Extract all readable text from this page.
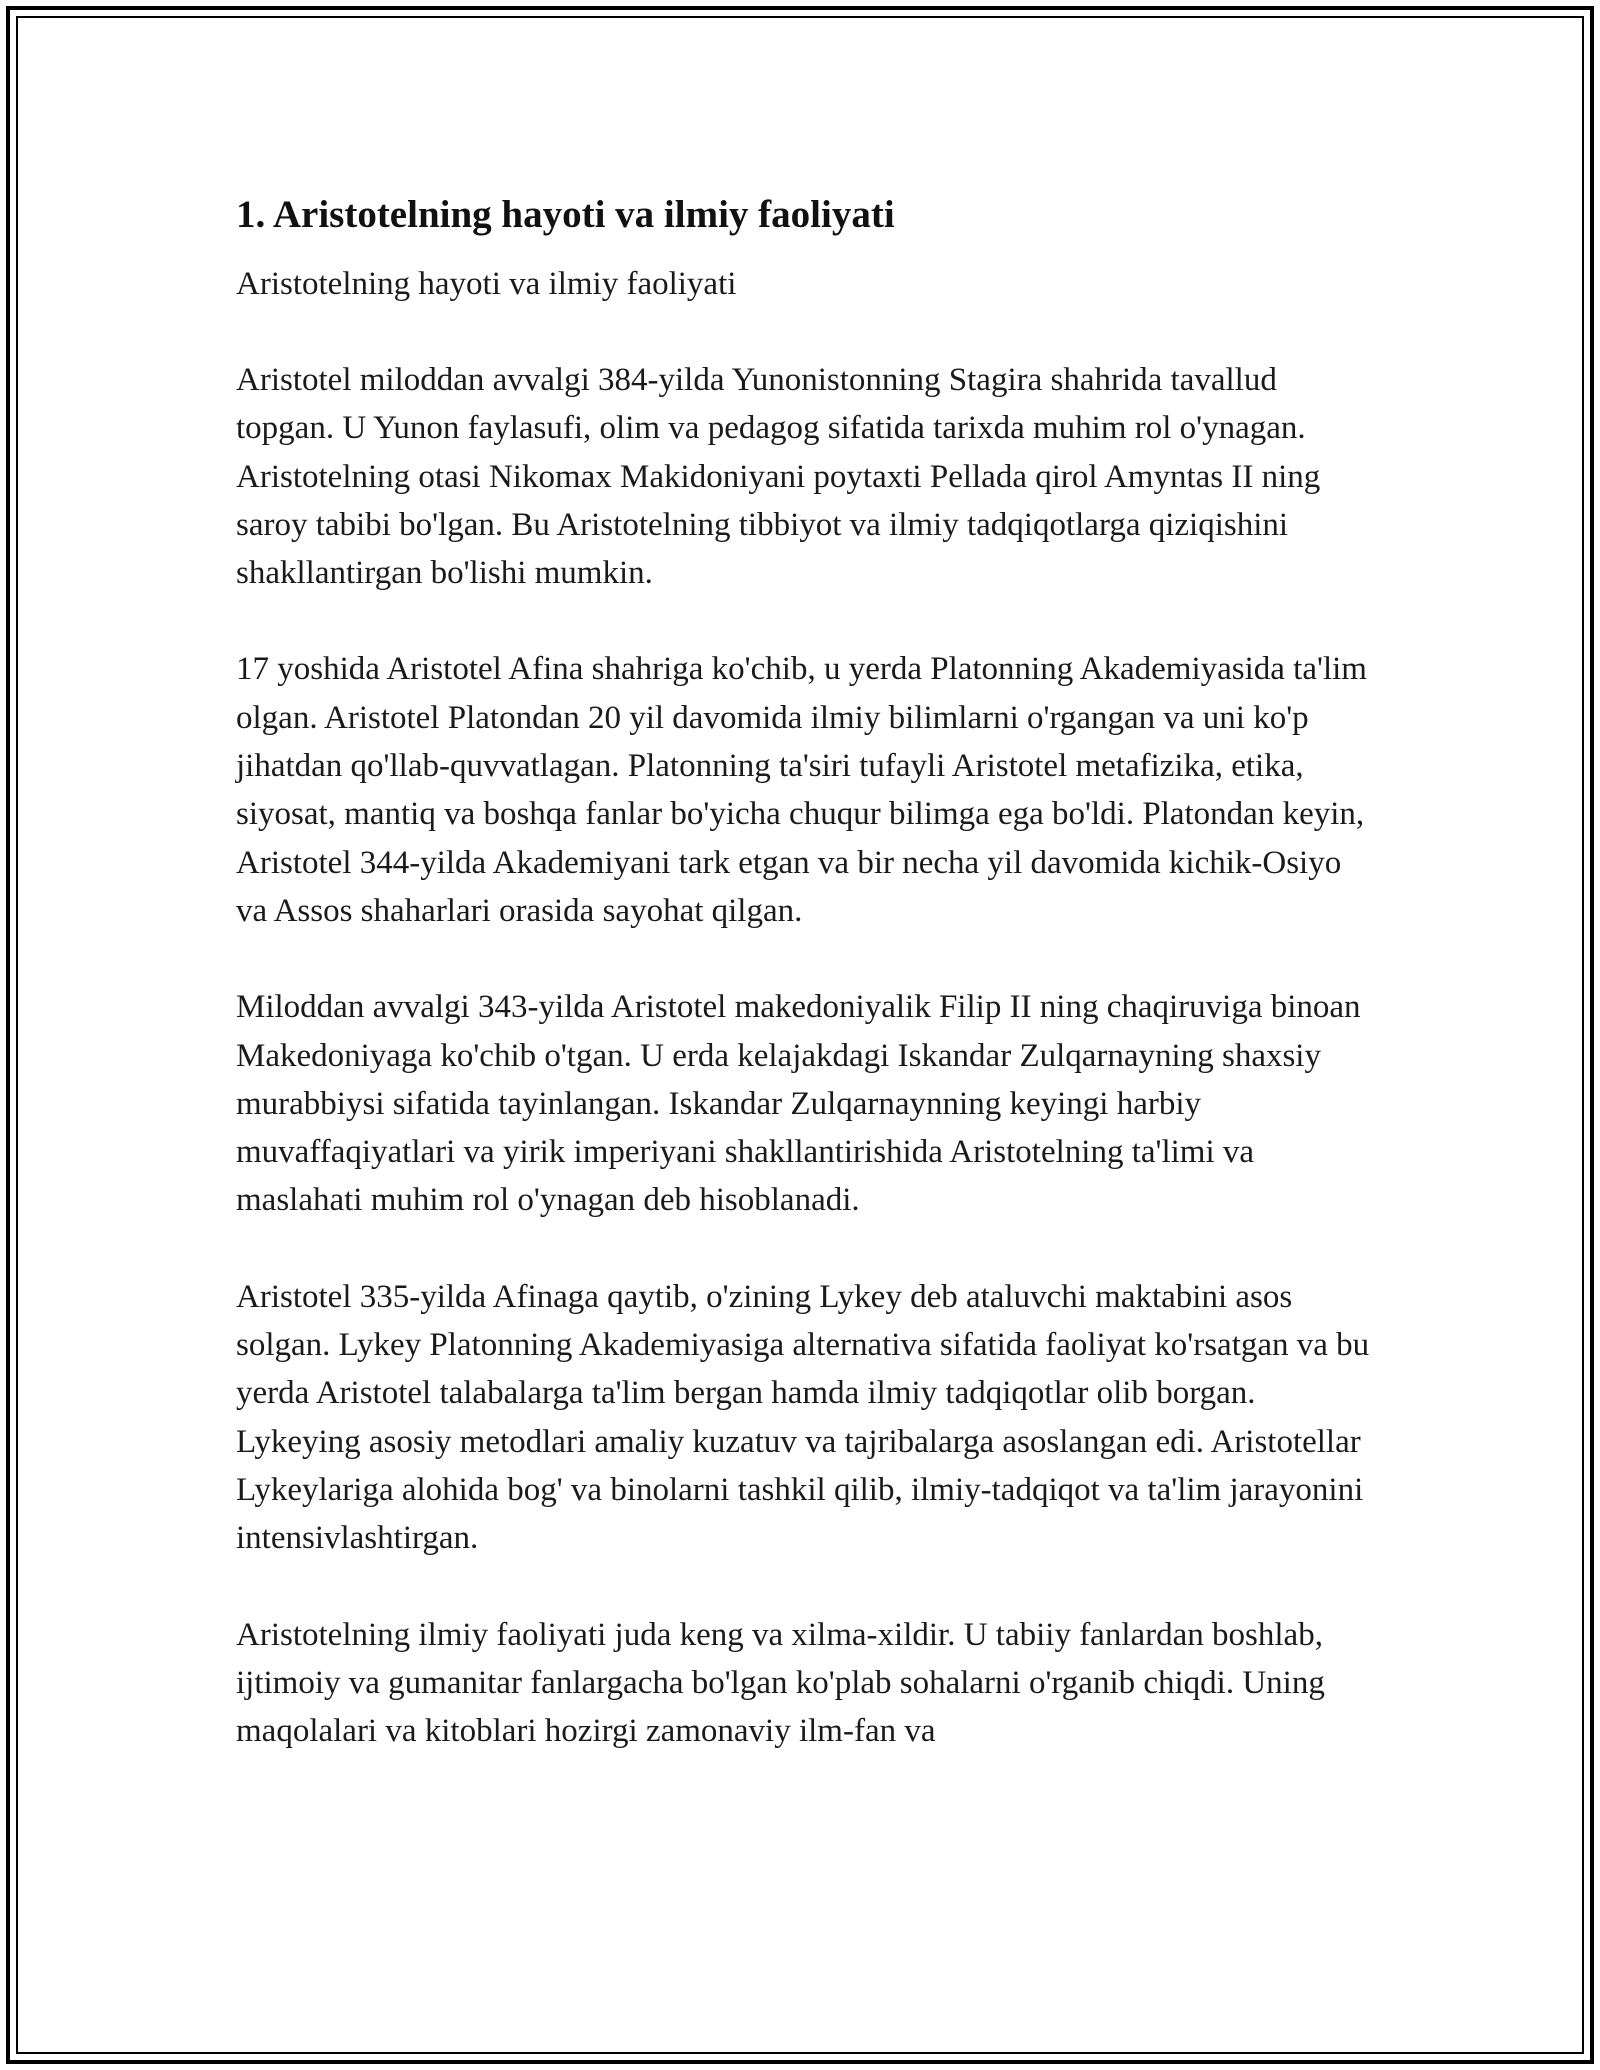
1. Aristotelning hayoti va ilmiy faoliyati

Aristotelning hayoti va ilmiy faoliyati

Aristotel miloddan avvalgi 384-yilda Yunonistonning Stagira shahrida tavallud topgan. U Yunon faylasufi, olim va pedagog sifatida tarixda muhim rol o'ynagan. Aristotelning otasi Nikomax Makidoniyani poytaxti Pellada qirol Amyntas II ning saroy tabibi bo'lgan. Bu Aristotelning tibbiyot va ilmiy tadqiqotlarga qiziqishini shakllantirgan bo'lishi mumkin.

17 yoshida Aristotel Afina shahriga ko'chib, u yerda Platonning Akademiyasida ta'lim olgan. Aristotel Platondan 20 yil davomida ilmiy bilimlarni o'rgangan va uni ko'p jihatdan qo'llab-quvvatlagan. Platonning ta'siri tufayli Aristotel metafizika, etika, siyosat, mantiq va boshqa fanlar bo'yicha chuqur bilimga ega bo'ldi. Platondan keyin, Aristotel 344-yilda Akademiyani tark etgan va bir necha yil davomida kichik-Osiyo va Assos shaharlari orasida sayohat qilgan.

Miloddan avvalgi 343-yilda Aristotel makedoniyalik Filip II ning chaqiruviga binoan Makedoniyaga ko'chib o'tgan. U erda kelajakdagi Iskandar Zulqarnayning shaxsiy murabbiysi sifatida tayinlangan. Iskandar Zulqarnaynning keyingi harbiy muvaffaqiyatlari va yirik imperiyani shakllantirishida Aristotelning ta'limi va maslahati muhim rol o'ynagan deb hisoblanadi.

Aristotel 335-yilda Afinaga qaytib, o'zining Lykey deb ataluvchi maktabini asos solgan. Lykey Platonning Akademiyasiga alternativa sifatida faoliyat ko'rsatgan va bu yerda Aristotel talabalarga ta'lim bergan hamda ilmiy tadqiqotlar olib borgan. Lykeying asosiy metodlari amaliy kuzatuv va tajribalarga asoslangan edi. Aristotellar Lykeylariga alohida bog' va binolarni tashkil qilib, ilmiy-tadqiqot va ta'lim jarayonini intensivlashtirgan.

Aristotelning ilmiy faoliyati juda keng va xilma-xildir. U tabiiy fanlardan boshlab, ijtimoiy va gumanitar fanlargacha bo'lgan ko'plab sohalarni o'rganib chiqdi. Uning maqolalari va kitoblari hozirgi zamonaviy ilm-fan va
